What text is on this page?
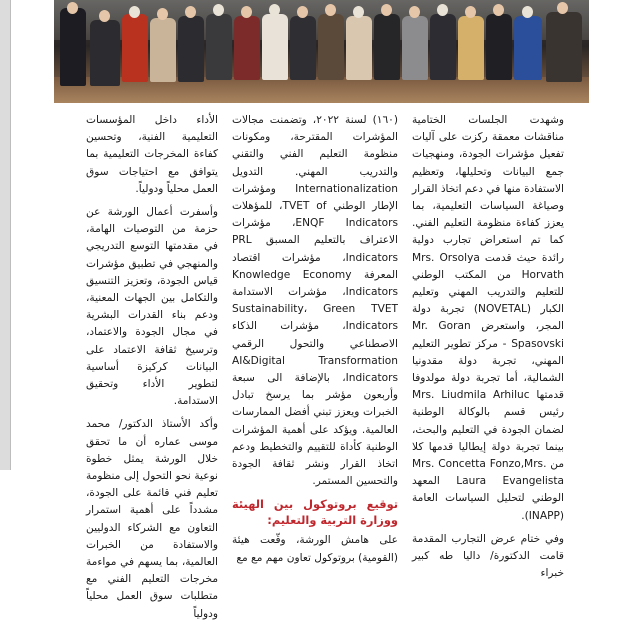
وشهدت الجلسات الختامية مناقشات معمقة ركزت على آليات تفعيل مؤشرات الجودة، ومنهجيات جمع البيانات وتحليلها، وتعظيم الاستفادة منها في دعم اتخاذ القرار وصياغة السياسات التعليمية، بما يعزز كفاءة منظومة التعليم الفني. كما تم استعراض تجارب دولية رائدة حيث قدمت Mrs. Orsolya Horvath من المكتب الوطني للتعليم والتدريب المهني وتعليم الكبار (NOVETAL) تجربة دولة المجر، واستعرض Mr. Goran Spasovski - مركز تطوير التعليم المهني، تجربة دولة مقدونيا الشمالية، أما تجربة دولة مولدوفا قدمتها Mrs. Liudmila Arhiluc رئيس قسم بالوكالة الوطنية لضمان الجودة في التعليم والبحث، بينما تجربة دولة إيطاليا قدمها كلا من Mrs. Concetta Fonzo,Mrs. Laura Evangelista المعهد الوطني لتحليل السياسات العامة (INAPP).

وفي ختام عرض التجارب المقدمة قامت الدكتورة/ داليا طه كبير خبراء

(١٦٠) لسنة ٢٠٢٢، وتضمنت مجالات المؤشرات المقترحة، ومكونات منظومة التعليم الفني والتقني والتدريب المهني. التدويل Internationalization ومؤشرات الإطار الوطني TVET of، للمؤهلات ENQF Indicators، مؤشرات الاعتراف بالتعليم المسبق PRL Indicators، مؤشرات اقتصاد المعرفة Knowledge Economy Indicators، مؤشرات الاستدامة Sustainability، Green TVET Indicators، مؤشرات الذكاء الاصطناعي والتحول الرقمي AI&Digital Transformation Indicators، بالإضافة الى سبعة وأربعون مؤشر بما يرسخ تبادل الخبرات ويعزز تبني أفضل الممارسات العالمية. ويؤكد على أهمية المؤشرات الوطنية كأداة للتقييم والتخطيط ودعم اتخاذ القرار ونشر ثقافة الجودة والتحسين المستمر.

توقيع بروتوكول بين الهيئة ووزارة التربية والتعليم:

على هامش الورشة، وقّعت هيئة (القومية) بروتوكول تعاون مهم مع مع

الأداء داخل المؤسسات التعليمية الفنية، وتحسين كفاءة المخرجات التعليمية بما يتوافق مع احتياجات سوق العمل محلياً ودولياً.

وأسفرت أعمال الورشة عن حزمة من التوصيات الهامة، في مقدمتها التوسع التدريجي والمنهجي في تطبيق مؤشرات قياس الجودة، وتعزيز التنسيق والتكامل بين الجهات المعنية، ودعم بناء القدرات البشرية في مجال الجودة والاعتماد، وترسيخ ثقافة الاعتماد على البيانات كركيزة أساسية لتطوير الأداء وتحقيق الاستدامة.

وأكد الأستاذ الدكتور/ محمد موسى عماره أن ما تحقق خلال الورشة يمثل خطوة نوعية نحو التحول إلى منظومة تعليم فني قائمة على الجودة، مشدداً على أهمية استمرار التعاون مع الشركاء الدوليين والاستفادة من الخبرات العالمية، بما يسهم في مواءمة مخرجات التعليم الفني مع متطلبات سوق العمل محلياً ودولياً
